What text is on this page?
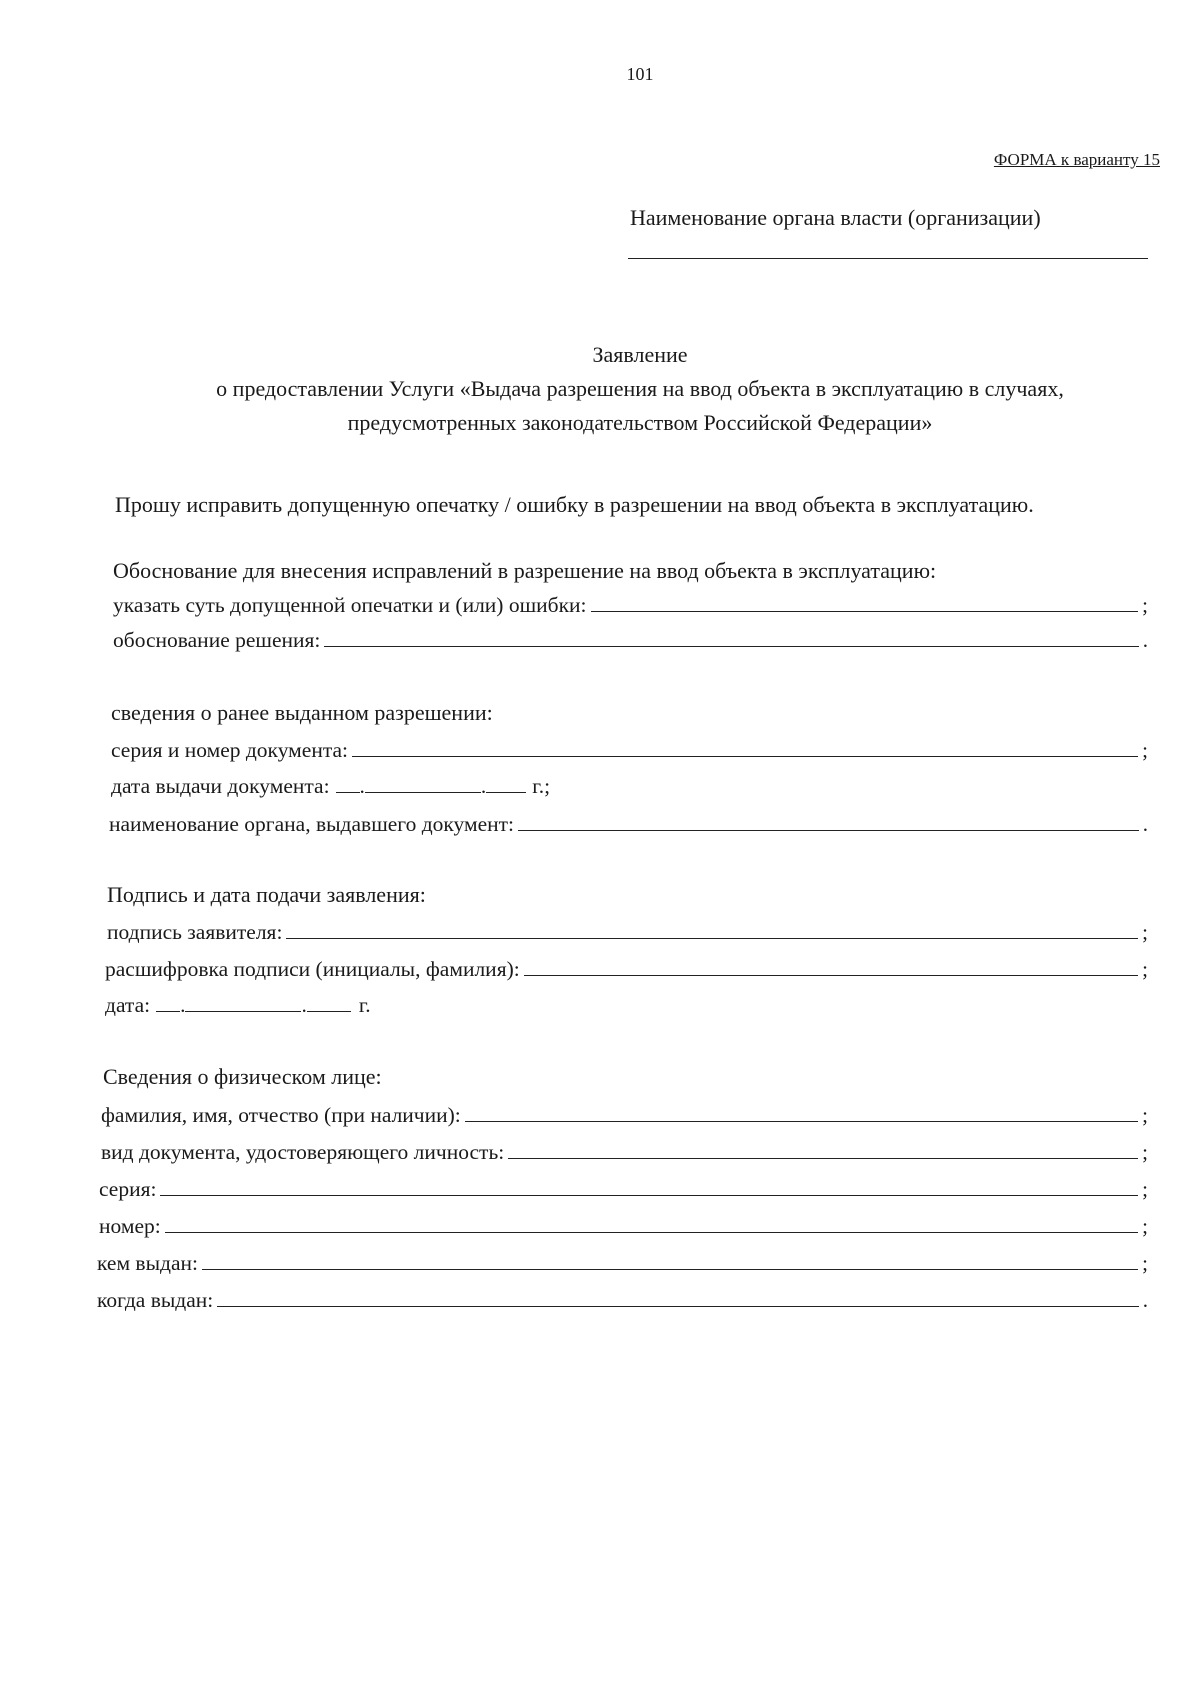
101
ФОРМА к варианту 15
Наименование органа власти (организации)
Заявление
о предоставлении Услуги «Выдача разрешения на ввод объекта в эксплуатацию в случаях,
предусмотренных законодательством Российской Федерации»
Прошу исправить допущенную опечатку / ошибку в разрешении на ввод объекта в эксплуатацию.
Обоснование для внесения исправлений в разрешение на ввод объекта в эксплуатацию:
указать суть допущенной опечатки и (или) ошибки:	;
обоснование решения:	.
сведения о ранее выданном разрешении:
серия и номер документа:	;
дата выдачи документа: .	. г.;
наименование органа, выдавшего документ:	.
Подпись и дата подачи заявления:
подпись заявителя:	;
расшифровка подписи (инициалы, фамилия):	;
дата: .	. г.
Сведения о физическом лице:
фамилия, имя, отчество (при наличии):	;
вид документа, удостоверяющего личность:	;
серия:	;
номер:	;
кем выдан:	;
когда выдан:	.
